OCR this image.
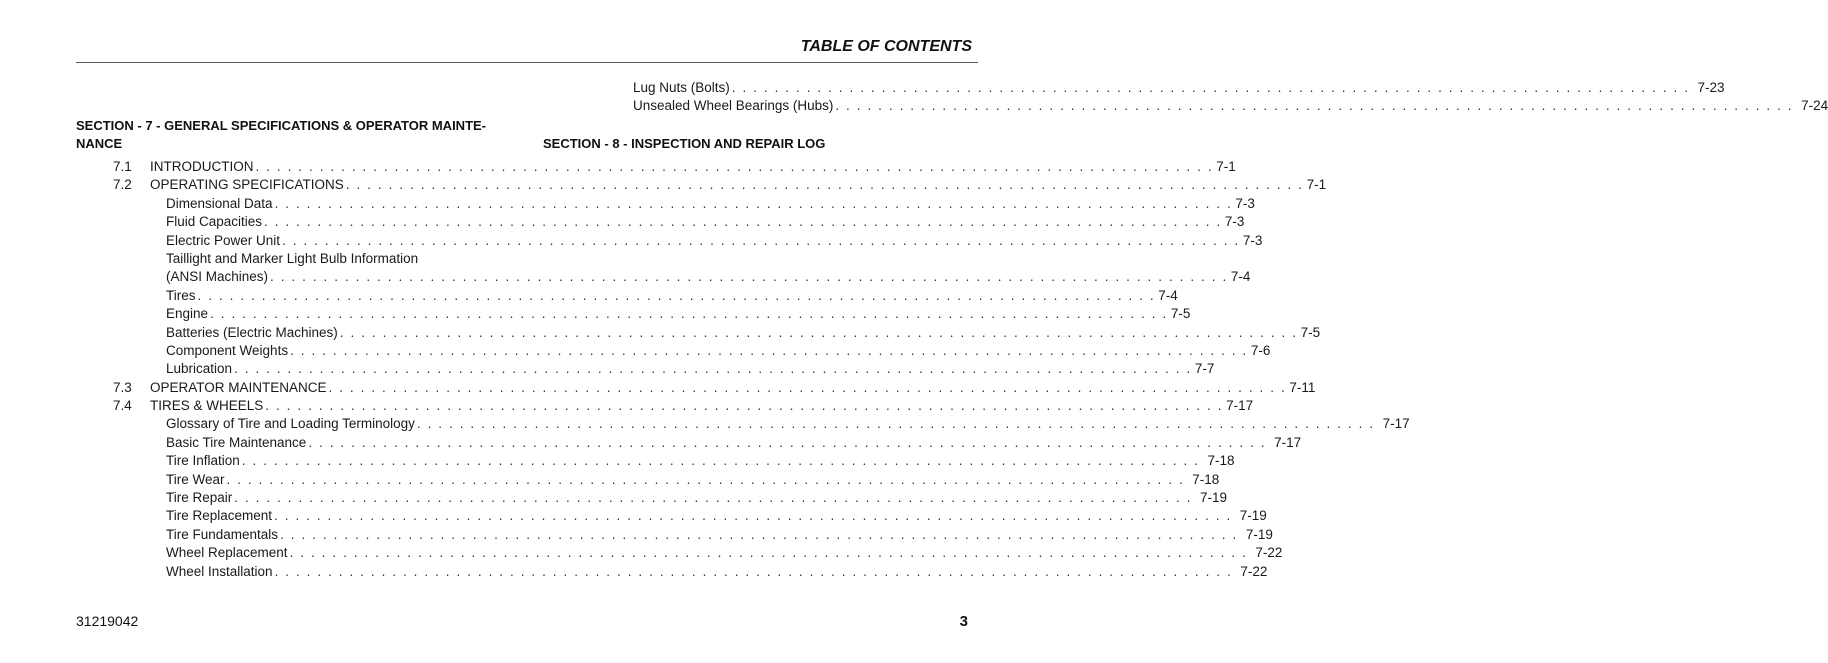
TABLE OF CONTENTS
SECTION - 7 - GENERAL SPECIFICATIONS & OPERATOR MAINTE-
NANCE
7.1 INTRODUCTION . . . . . . . . . . . . . . . . . . . . . . . . . . . . . . . . . . . . . . . . . . . . . . . . . . . . . . . . . . . . . . . . . . . . . . . . . . . . . . . . . . . . . . . . . . 7-1
7.2 OPERATING SPECIFICATIONS . . . . . . . . . . . . . . . . . . . . . . . . . . . . . . . . . . . . . . . . . . . . . . . . . . . . . . . . . . . . . . . . . . . . . . . . . . . . . . . . . . . . . . . . . . 7-1
Dimensional Data . . . . . . . . . . . . . . . . . . . . . . . . . . . . . . . . . . . . . . . . . . . . . . . . . . . . . . . . . . . . . . . . . . . . . . . . . . . . . . . . . . . . . . . . . . 7-3
Fluid Capacities . . . . . . . . . . . . . . . . . . . . . . . . . . . . . . . . . . . . . . . . . . . . . . . . . . . . . . . . . . . . . . . . . . . . . . . . . . . . . . . . . . . . . . . . . . 7-3
Electric Power Unit . . . . . . . . . . . . . . . . . . . . . . . . . . . . . . . . . . . . . . . . . . . . . . . . . . . . . . . . . . . . . . . . . . . . . . . . . . . . . . . . . . . . . . . . . . 7-3
Taillight and Marker Light Bulb Information
(ANSI Machines) . . . . . . . . . . . . . . . . . . . . . . . . . . . . . . . . . . . . . . . . . . . . . . . . . . . . . . . . . . . . . . . . . . . . . . . . . . . . . . . . . . . . . . . . . . 7-4
Tires . . . . . . . . . . . . . . . . . . . . . . . . . . . . . . . . . . . . . . . . . . . . . . . . . . . . . . . . . . . . . . . . . . . . . . . . . . . . . . . . . . . . . . . . . . 7-4
Engine . . . . . . . . . . . . . . . . . . . . . . . . . . . . . . . . . . . . . . . . . . . . . . . . . . . . . . . . . . . . . . . . . . . . . . . . . . . . . . . . . . . . . . . . . . 7-5
Batteries (Electric Machines) . . . . . . . . . . . . . . . . . . . . . . . . . . . . . . . . . . . . . . . . . . . . . . . . . . . . . . . . . . . . . . . . . . . . . . . . . . . . . . . . . . . . . . . . . . 7-5
Component Weights . . . . . . . . . . . . . . . . . . . . . . . . . . . . . . . . . . . . . . . . . . . . . . . . . . . . . . . . . . . . . . . . . . . . . . . . . . . . . . . . . . . . . . . . . . 7-6
Lubrication . . . . . . . . . . . . . . . . . . . . . . . . . . . . . . . . . . . . . . . . . . . . . . . . . . . . . . . . . . . . . . . . . . . . . . . . . . . . . . . . . . . . . . . . . . 7-7
7.3 OPERATOR MAINTENANCE . . . . . . . . . . . . . . . . . . . . . . . . . . . . . . . . . . . . . . . . . . . . . . . . . . . . . . . . . . . . . . . . . . . . . . . . . . . . . . . . . . . . . . . . . . 7-11
7.4 TIRES & WHEELS . . . . . . . . . . . . . . . . . . . . . . . . . . . . . . . . . . . . . . . . . . . . . . . . . . . . . . . . . . . . . . . . . . . . . . . . . . . . . . . . . . . . . . . . . . 7-17
Glossary of Tire and Loading Terminology . . . . . . . . . . . . . . . . . . . . . . . . . . . . . . . . . . . . . . . . . . . . . . . . . . . . . . . . . . . . . . . . . . . . . . . . . . . . . . . . . . . . . . . . . . 7-17
Basic Tire Maintenance . . . . . . . . . . . . . . . . . . . . . . . . . . . . . . . . . . . . . . . . . . . . . . . . . . . . . . . . . . . . . . . . . . . . . . . . . . . . . . . . . . . . . . . . . . 7-17
Tire Inflation . . . . . . . . . . . . . . . . . . . . . . . . . . . . . . . . . . . . . . . . . . . . . . . . . . . . . . . . . . . . . . . . . . . . . . . . . . . . . . . . . . . . . . . . . . 7-18
Tire Wear . . . . . . . . . . . . . . . . . . . . . . . . . . . . . . . . . . . . . . . . . . . . . . . . . . . . . . . . . . . . . . . . . . . . . . . . . . . . . . . . . . . . . . . . . . 7-18
Tire Repair . . . . . . . . . . . . . . . . . . . . . . . . . . . . . . . . . . . . . . . . . . . . . . . . . . . . . . . . . . . . . . . . . . . . . . . . . . . . . . . . . . . . . . . . . . 7-19
Tire Replacement . . . . . . . . . . . . . . . . . . . . . . . . . . . . . . . . . . . . . . . . . . . . . . . . . . . . . . . . . . . . . . . . . . . . . . . . . . . . . . . . . . . . . . . . . . 7-19
Tire Fundamentals . . . . . . . . . . . . . . . . . . . . . . . . . . . . . . . . . . . . . . . . . . . . . . . . . . . . . . . . . . . . . . . . . . . . . . . . . . . . . . . . . . . . . . . . . . 7-19
Wheel Replacement . . . . . . . . . . . . . . . . . . . . . . . . . . . . . . . . . . . . . . . . . . . . . . . . . . . . . . . . . . . . . . . . . . . . . . . . . . . . . . . . . . . . . . . . . . 7-22
Wheel Installation . . . . . . . . . . . . . . . . . . . . . . . . . . . . . . . . . . . . . . . . . . . . . . . . . . . . . . . . . . . . . . . . . . . . . . . . . . . . . . . . . . . . . . . . . . 7-22
Lug Nuts (Bolts) . . . . . . . . . . . . . . . . . . . . . . . . . . . . . . . . . . . . . . . . . . . . . . . . . . . . . . . . . . . . . . . . . . . . . . . . . . . . . . . . . . . . . . . . . . 7-23
Unsealed Wheel Bearings (Hubs) . . . . . . . . . . . . . . . . . . . . . . . . . . . . . . . . . . . . . . . . . . . . . . . . . . . . . . . . . . . . . . . . . . . . . . . . . . . . . . . . . . . . . . . . . . 7-24
SECTION - 8 - INSPECTION AND REPAIR LOG
31219042	3
